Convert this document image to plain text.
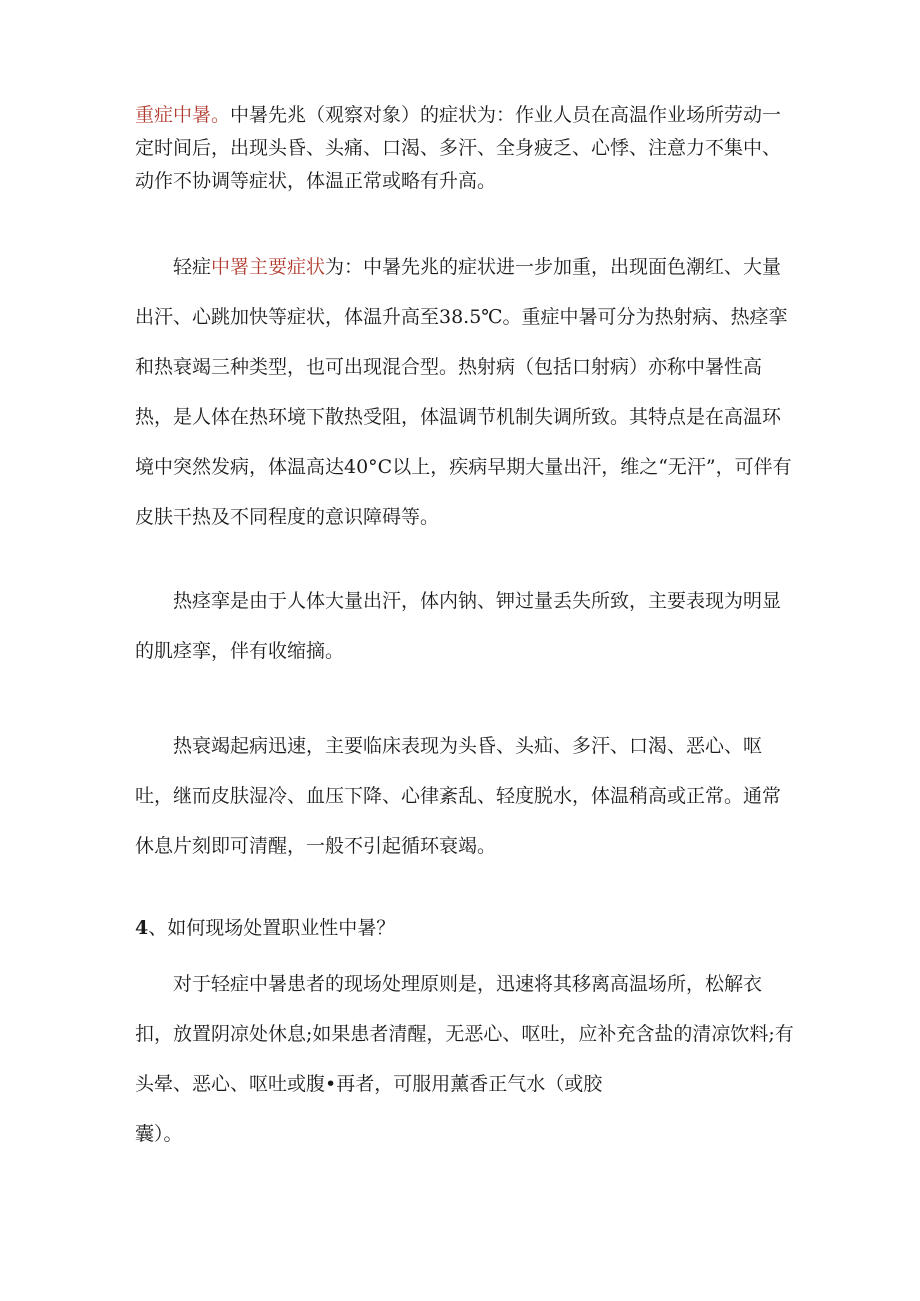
重症中暑。中暑先兆（观察对象）的症状为：作业人员在高温作业场所劳动一定时间后，出现头昏、头痛、口渴、多汗、全身疲乏、心悸、注意力不集中、动作不协调等症状，体温正常或略有升高。

轻症中署主要症状为：中暑先兆的症状进一步加重，出现面色潮红、大量出汗、心跳加快等症状，体温升高至38.5℃。重症中暑可分为热射病、热痉挛和热衰竭三种类型，也可出现混合型。热射病（包括口射病）亦称中暑性高热，是人体在热环境下散热受阻，体温调节机制失调所致。其特点是在高温环境中突然发病，体温高达40°C以上，疾病早期大量出汗，维之“无汗”，可伴有皮肤干热及不同程度的意识障碍等。

热痉挛是由于人体大量出汗，体内钠、钾过量丢失所致，主要表现为明显的肌痉挛，伴有收缩摘。

热衰竭起病迅速，主要临床表现为头昏、头疝、多汗、口渴、恶心、呕吐，继而皮肤湿冷、血压下降、心律紊乱、轻度脱水，体温稍高或正常。通常休息片刻即可清醒，一般不引起循环衰竭。

4、如何现场处置职业性中暑？

对于轻症中暑患者的现场处理原则是，迅速将其移离高温场所，松解衣扣，放置阴凉处休息;如果患者清醒，无恶心、呕吐，应补充含盐的清凉饮料;有头晕、恶心、呕吐或腹•再者，可服用薰香正气水（或胶

囊）。
